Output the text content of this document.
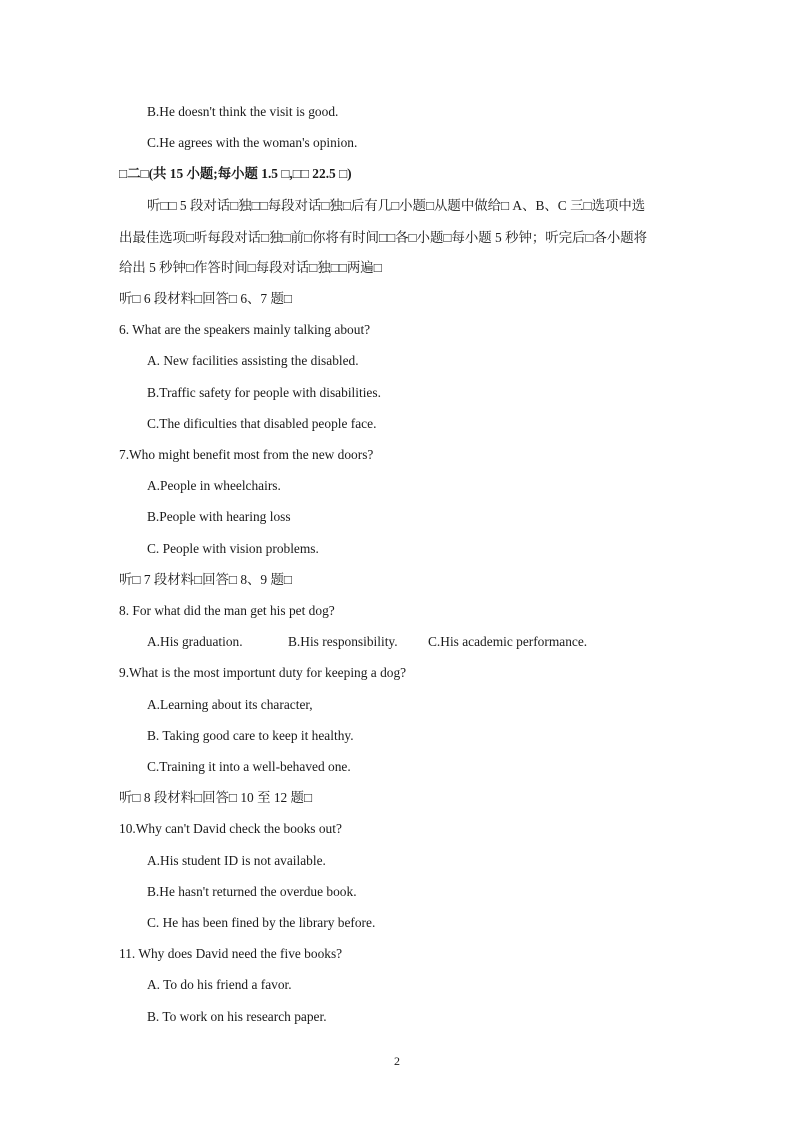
B.He doesn't think the visit is good.
C.He agrees with the woman's opinion.
□二□(共 15 小题;每小题 1.5 □,□□ 22.5 □)
听□□ 5 段对话□独□□每段对话□独□后有几□小题□从题中做给□ A、B、C 三□选项中选
出最佳选项□听每段对话□独□前□你将有时间□□各□小题□每小题 5 秒钟；听完后□各小题将
给出 5 秒钟□作答时间□每段对话□独□□两遍□
听□ 6 段材料□回答□ 6、7 题□
6. What are the speakers mainly talking about?
A. New facilities assisting the disabled.
B.Traffic safety for people with disabilities.
C.The dificulties that disabled people face.
7.Who might benefit most from the new doors?
A.People in wheelchairs.
B.People with hearing loss
C. People with vision problems.
听□ 7 段材料□回答□ 8、9 题□
8. For what did the man get his pet dog?
A.His graduation.	B.His responsibility. C.His academic performance.
9.What is the most importunt duty for keeping a dog?
A.Learning about its character,
B. Taking good care to keep it healthy.
C.Training it into a well-behaved one.
听□ 8 段材料□回答□ 10 至 12 题□
10.Why can't David check the books out?
A.His student ID is not available.
B.He hasn't returned the overdue book.
C. He has been fined by the library before.
11. Why does David need the five books?
A. To do his friend a favor.
B. To work on his research paper.
2
